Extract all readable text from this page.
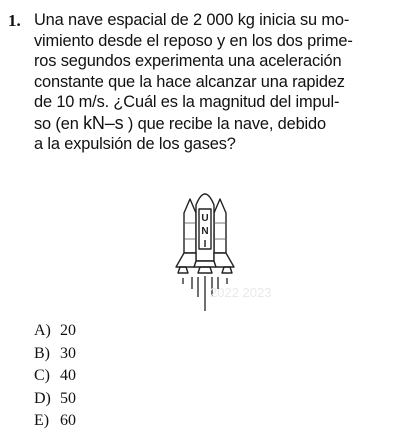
1. Una nave espacial de 2 000 kg inicia su mo-
vimiento desde el reposo y en los dos prime-
ros segundos experimenta una aceleración
constante que la hace alcanzar una rapidez
de 10 m/s. ¿Cuál es la magnitud del impul-
so (en kN–s ) que recibe la nave, debido
a la expulsión de los gases?
U
N
I
2022 2023
A) 20
B) 30
C) 40
D) 50
E) 60
